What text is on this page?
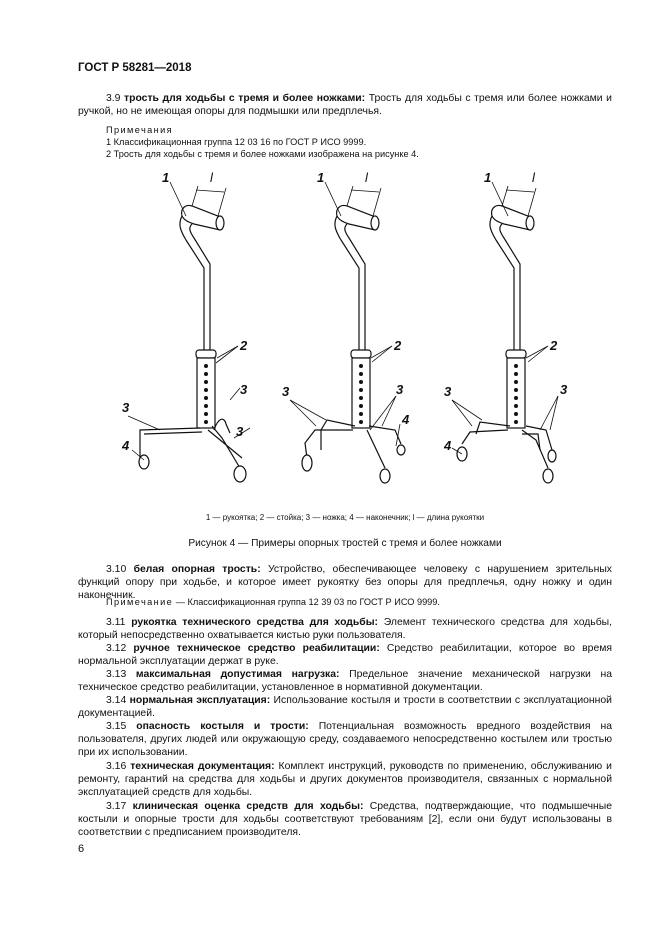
ГОСТ Р 58281—2018
3.9 трость для ходьбы с тремя и более ножками: Трость для ходьбы с тремя или более ножками и ручкой, но не имеющая опоры для подмышки или предплечья.
Примечания
1 Классификационная группа 12 03 16 по ГОСТ Р ИСО 9999.
2 Трость для ходьбы с тремя и более ножками изображена на рисунке 4.
1	l
2
3
3
3
4
1	l
2
3	3
4
1	l
2
3	3
4
1 — рукоятка; 2 — стойка; 3 — ножка; 4 — наконечник; l — длина рукоятки
Рисунок 4 — Примеры опорных тростей с тремя и более ножками
3.10 белая опорная трость: Устройство, обеспечивающее человеку с нарушением зрительных функций опору при ходьбе, и которое имеет рукоятку без опоры для предплечья, одну ножку и один наконечник.
Примечание — Классификационная группа 12 39 03 по ГОСТ Р ИСО 9999.
3.11 рукоятка технического средства для ходьбы: Элемент технического средства для ходьбы, который непосредственно охватывается кистью руки пользователя.
3.12 ручное техническое средство реабилитации: Средство реабилитации, которое во время нормальной эксплуатации держат в руке.
3.13 максимальная допустимая нагрузка: Предельное значение механической нагрузки на техническое средство реабилитации, установленное в нормативной документации.
3.14 нормальная эксплуатация: Использование костыля и трости в соответствии с эксплуатационной документацией.
3.15 опасность костыля и трости: Потенциальная возможность вредного воздействия на пользователя, других людей или окружающую среду, создаваемого непосредственно костылем или тростью при их использовании.
3.16 техническая документация: Комплект инструкций, руководств по применению, обслуживанию и ремонту, гарантий на средства для ходьбы и других документов производителя, связанных с нормальной эксплуатацией средств для ходьбы.
3.17 клиническая оценка средств для ходьбы: Средства, подтверждающие, что подмышечные костыли и опорные трости для ходьбы соответствуют требованиям [2], если они будут использованы в соответствии с предписанием производителя.
6
